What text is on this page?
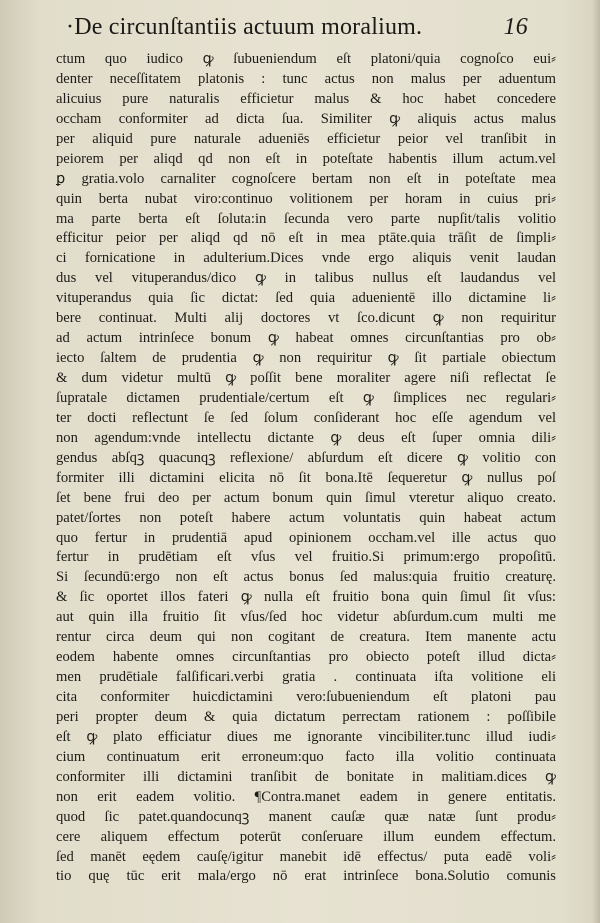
·De circunſtantiis actuum moralium.	16
ctum quo iudico ꝙ ſubueniendum eſt platoni/quia cognoſco eui⸗
denter neceſſitatem platonis : tunc actus non malus per aduentum
alicuius pure naturalis efficietur malus & hoc habet concedere
occham conformiter ad dicta ſua. Similiter ꝙ aliquis actus malus
per aliquid pure naturale adueniēs efficietur peior vel tranſibit in
peiorem per aliqd qd non eſt in poteſtate habentis illum actum.vel
ꝑ gratia.volo carnaliter cognoſcere bertam non eſt in poteſtate mea
quin berta nubat viro:continuo volitionem per horam in cuius pri⸗
ma parte berta eſt ſoluta:in ſecunda vero parte nupſit/talis volitio
efficitur peior per aliqd qd nō eſt in mea ptāte.quia trāſit de ſimpli⸗
ci fornicatione in adulterium.Dices vnde ergo aliquis venit laudan
dus vel vituperandus/dico ꝙ in talibus nullus eſt laudandus vel
vituperandus quia ſic dictat: ſed quia aduenientē illo dictamine li⸗
bere continuat. Multi alij doctores vt ſco.dicunt ꝙ non requiritur
ad actum intrinſece bonum ꝙ habeat omnes circunſtantias pro ob⸗
iecto ſaltem de prudentia ꝙ non requiritur ꝙ ſit partiale obiectum
& dum videtur multū ꝙ poſſit bene moraliter agere niſi reflectat ſe
ſupratale dictamen prudentiale/certum eſt ꝙ ſimplices nec regulari⸗
ter docti reflectunt ſe ſed ſolum conſiderant hoc eſſe agendum vel
non agendum:vnde intellectu dictante ꝙ deus eſt ſuper omnia dili⸗
gendus abſqꝫ quacunqꝫ reflexione/ abſurdum eſt dicere ꝙ volitio con
formiter illi dictamini elicita nō ſit bona.Itē ſequeretur ꝙ nullus poſ
ſet bene frui deo per actum bonum quin ſimul vteretur aliquo creato.
patet/ſortes non poteſt habere actum voluntatis quin habeat actum
quo fertur in prudentiā apud opinionem occham.vel ille actus quo
fertur in prudētiam eſt vſus vel fruitio.Si primum:ergo propoſitū.
Si ſecundū:ergo non eſt actus bonus ſed malus:quia fruitio creaturę.
& ſic oportet illos fateri ꝙ nulla eſt fruitio bona quin ſimul ſit vſus:
aut quin illa fruitio ſit vſus/ſed hoc videtur abſurdum.cum multi me
rentur circa deum qui non cogitant de creatura. Item manente actu
eodem habente omnes circunſtantias pro obiecto poteſt illud dicta⸗
men prudētiale falſificari.verbi gratia . continuata iſta volitione eli
cita conformiter huicdictamini vero:ſubueniendum eſt platoni pau
peri propter deum & quia dictatum perrectam rationem : poſſibile
eſt ꝙ plato efficiatur diues me ignorante vincibiliter.tunc illud iudi⸗
cium continuatum erit erroneum:quo facto illa volitio continuata
conformiter illi dictamini tranſibit de bonitate in malitiam.dices ꝙ
non erit eadem volitio. ¶Contra.manet eadem in genere entitatis.
quod ſic patet.quandocunqꝫ manent cauſæ quæ natæ ſunt produ⸗
cere aliquem effectum poterūt conſeruare illum eundem effectum.
ſed manēt eędem cauſę/igitur manebit idē effectus/ puta eadē voli⸗
tio quę tūc erit mala/ergo nō erat intrinſece bona.Solutio comunis
